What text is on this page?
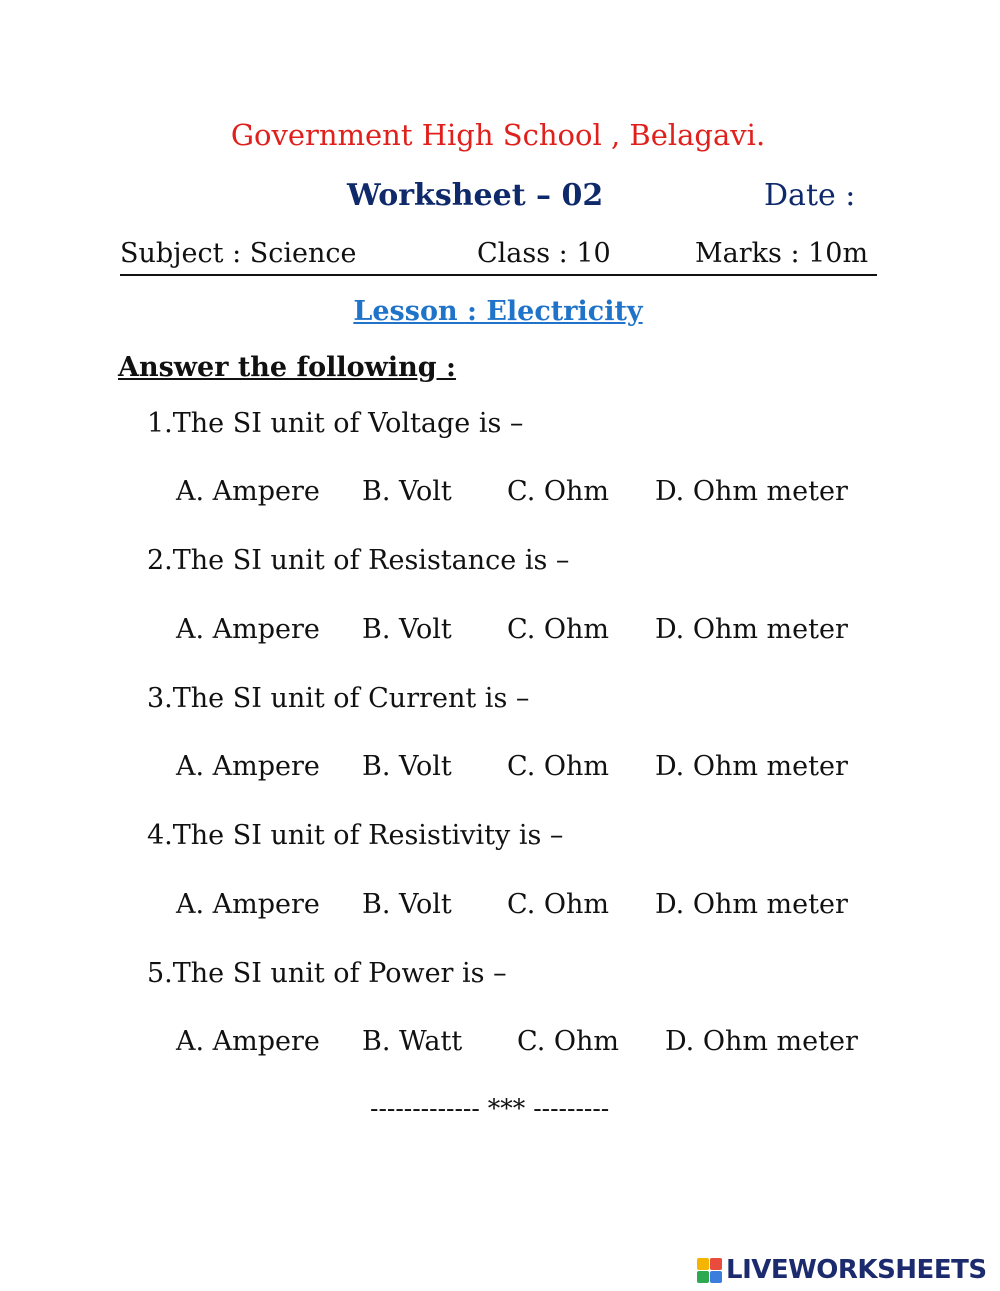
Government High School , Belagavi.
Worksheet – 02	Date :
Subject : Science	Class : 10	Marks : 10m
Lesson : Electricity
Answer the following :
1.The SI unit of Voltage is –
A. Ampere B. Volt C. Ohm D. Ohm meter
2.The SI unit of Resistance is –
A. Ampere B. Volt C. Ohm D. Ohm meter
3.The SI unit of Current is –
A. Ampere B. Volt C. Ohm D. Ohm meter
4.The SI unit of Resistivity is –
A. Ampere B. Volt C. Ohm D. Ohm meter
5.The SI unit of Power is –
A. Ampere B. Watt C. Ohm D. Ohm meter
------------- *** ---------
LIVEWORKSHEETS
